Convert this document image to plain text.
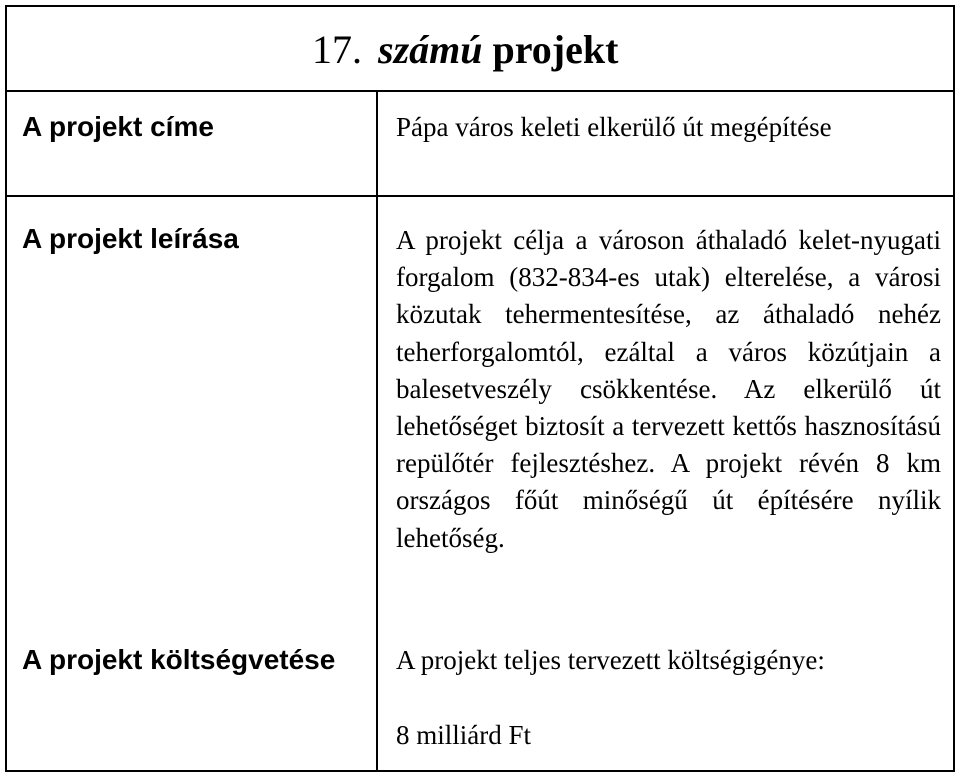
17. számú projekt
A projekt címe	Pápa város keleti elkerülő út megépítése
A projekt leírása	A projekt célja a városon áthaladó kelet-nyugati forgalom (832-834-es utak) elterelése, a városi közutak tehermentesítése, az áthaladó nehéz teherforgalomtól, ezáltal a város közútjain a balesetveszély csökkentése. Az elkerülő út lehetőséget biztosít a tervezett kettős hasznosítású repülőtér fejlesztéshez. A projekt révén 8 km országos főút minőségű út építésére nyílik lehetőség.
A projekt költségvetése A projekt teljes tervezett költségigénye:
8 milliárd Ft
